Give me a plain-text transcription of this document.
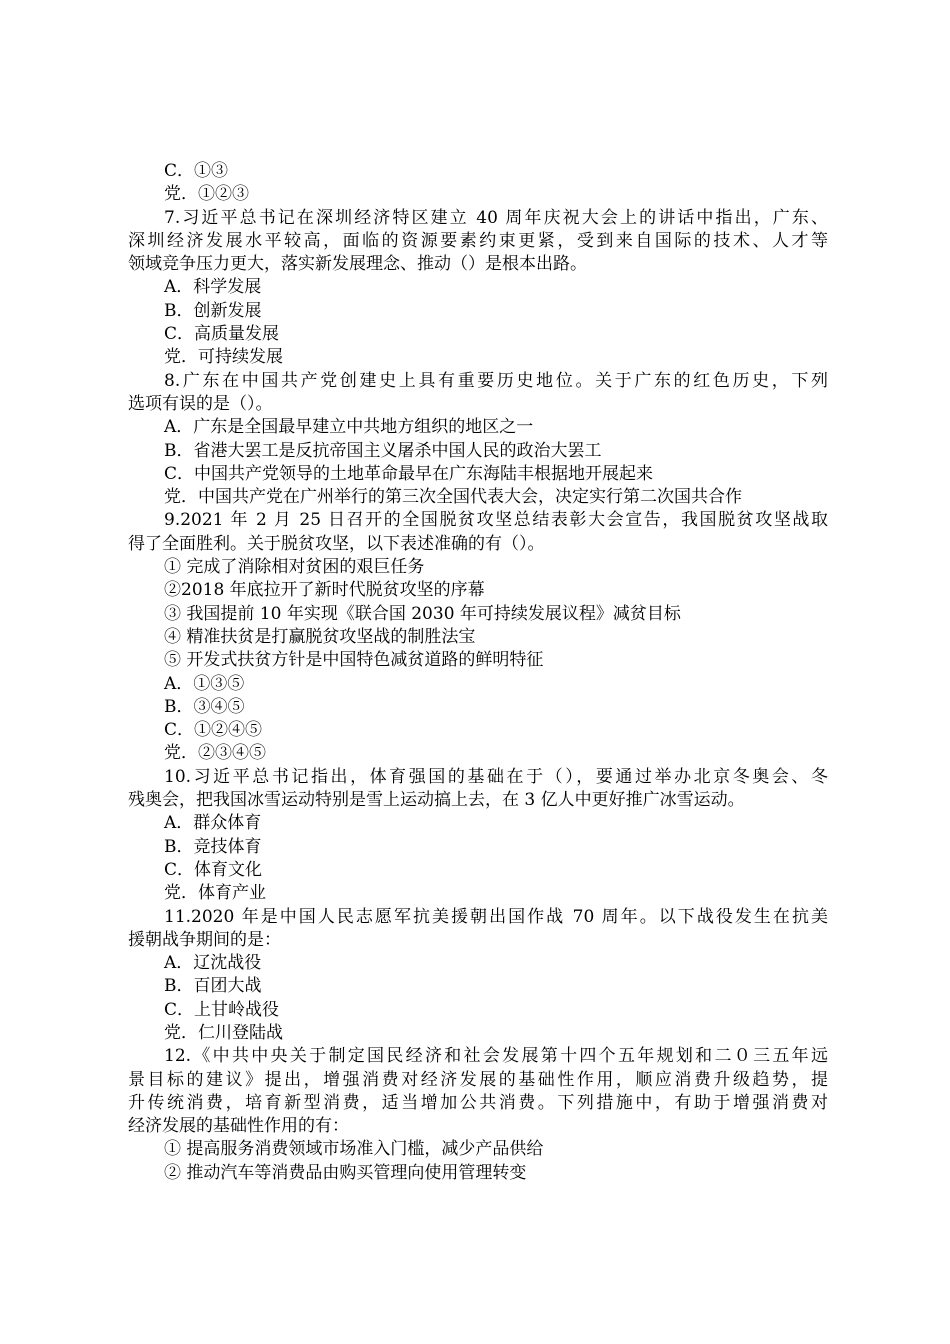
C．①③
党．①②③
7.习近平总书记在深圳经济特区建立 40 周年庆祝大会上的讲话中指出，广东、
深圳经济发展水平较高，面临的资源要素约束更紧，受到来自国际的技术、人才等
领域竞争压力更大，落实新发展理念、推动（）是根本出路。
A．科学发展
B．创新发展
C．高质量发展
党．可持续发展
8.广东在中国共产党创建史上具有重要历史地位。关于广东的红色历史，下列
选项有误的是（）。
A．广东是全国最早建立中共地方组织的地区之一
B．省港大罢工是反抗帝国主义屠杀中国人民的政治大罢工
C．中国共产党领导的土地革命最早在广东海陆丰根据地开展起来
党．中国共产党在广州举行的第三次全国代表大会，决定实行第二次国共合作
9.2021 年 2 月 25 日召开的全国脱贫攻坚总结表彰大会宣告，我国脱贫攻坚战取
得了全面胜利。关于脱贫攻坚，以下表述准确的有（）。
① 完成了消除相对贫困的艰巨任务
②2018 年底拉开了新时代脱贫攻坚的序幕
③ 我国提前 10 年实现《联合国 2030 年可持续发展议程》减贫目标
④ 精准扶贫是打赢脱贫攻坚战的制胜法宝
⑤ 开发式扶贫方针是中国特色减贫道路的鲜明特征
A．①③⑤
B．③④⑤
C．①②④⑤
党．②③④⑤
10.习近平总书记指出，体育强国的基础在于（），要通过举办北京冬奥会、冬
残奥会，把我国冰雪运动特别是雪上运动搞上去，在 3 亿人中更好推广冰雪运动。
A．群众体育
B．竞技体育
C．体育文化
党．体育产业
11.2020 年是中国人民志愿军抗美援朝出国作战 70 周年。以下战役发生在抗美
援朝战争期间的是：
A．辽沈战役
B．百团大战
C．上甘岭战役
党．仁川登陆战
12.《中共中央关于制定国民经济和社会发展第十四个五年规划和二０三五年远
景目标的建议》提出，增强消费对经济发展的基础性作用，顺应消费升级趋势，提
升传统消费，培育新型消费，适当增加公共消费。下列措施中，有助于增强消费对
经济发展的基础性作用的有：
① 提高服务消费领域市场准入门槛，减少产品供给
② 推动汽车等消费品由购买管理向使用管理转变
